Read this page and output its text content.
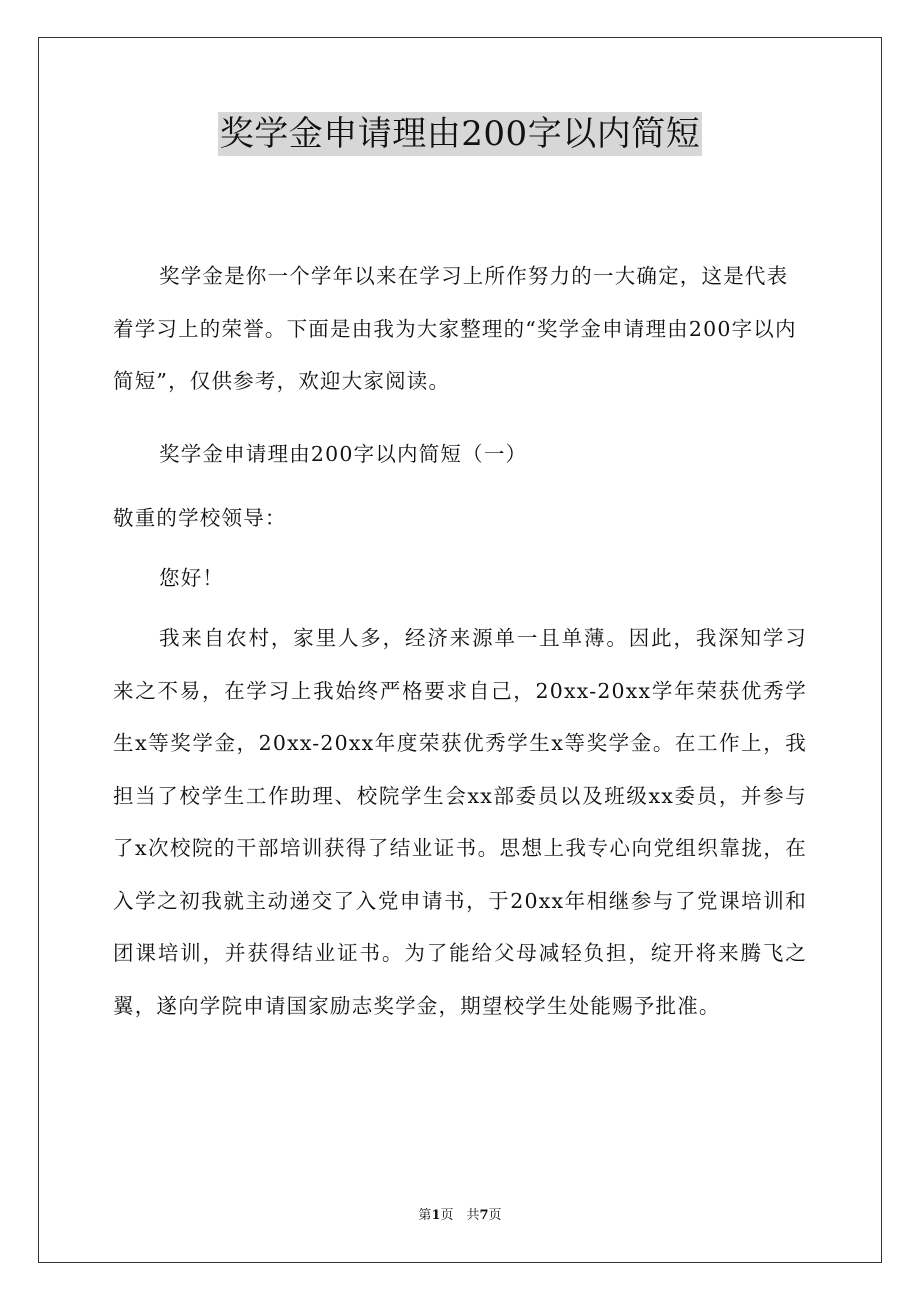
奖学金申请理由200字以内简短

奖学金是你一个学年以来在学习上所作努力的一大确定，这是代表着学习上的荣誉。下面是由我为大家整理的“奖学金申请理由200字以内简短”，仅供参考，欢迎大家阅读。

奖学金申请理由200字以内简短（一）

敬重的学校领导：

您好！

我来自农村，家里人多，经济来源单一且单薄。因此，我深知学习来之不易，在学习上我始终严格要求自己，20xx-20xx学年荣获优秀学生x等奖学金，20xx-20xx年度荣获优秀学生x等奖学金。在工作上，我担当了校学生工作助理、校院学生会xx部委员以及班级xx委员，并参与了x次校院的干部培训获得了结业证书。思想上我专心向党组织靠拢，在入学之初我就主动递交了入党申请书，于20xx年相继参与了党课培训和团课培训，并获得结业证书。为了能给父母减轻负担，绽开将来腾飞之翼，遂向学院申请国家励志奖学金，期望校学生处能赐予批准。

第1页　共7页
